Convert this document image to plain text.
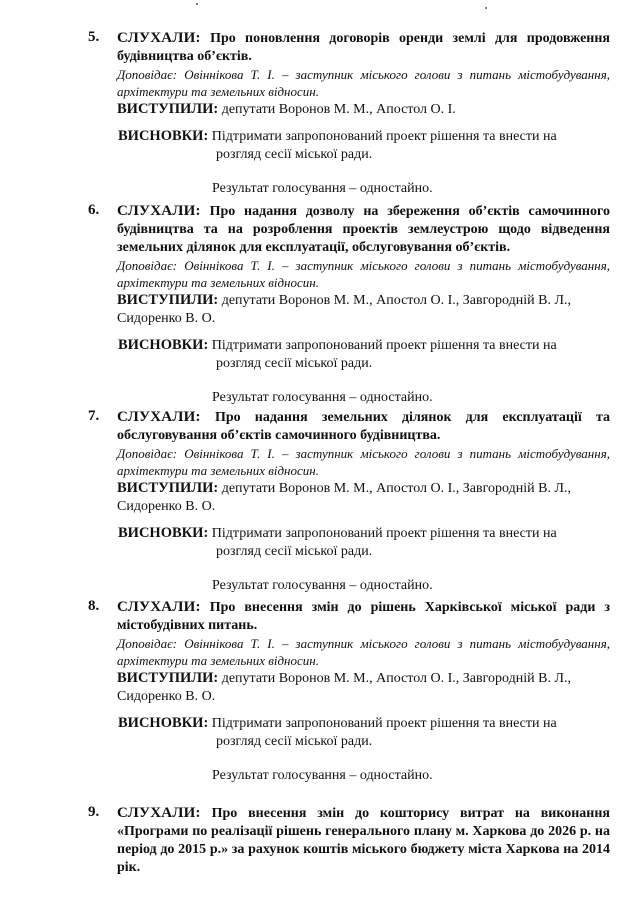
5. СЛУХАЛИ: Про поновлення договорів оренди землі для продовження будівництва об’єктів.
Доповідає: Овіннікова Т. І. – заступник міського голови з питань містобудування, архітектури та земельних відносин.
ВИСТУПИЛИ: депутати Воронов М. М., Апостол О. І.
ВИСНОВКИ: Підтримати запропонований проект рішення та внести на
розгляд сесії міської ради.
Результат голосування – одностайно.
6. СЛУХАЛИ: Про надання дозволу на збереження об’єктів самочинного будівництва та на розроблення проектів землеустрою щодо відведення земельних ділянок для експлуатації, обслуговування об’єктів.
Доповідає: Овіннікова Т. І. – заступник міського голови з питань містобудування, архітектури та земельних відносин.
ВИСТУПИЛИ: депутати Воронов М. М., Апостол О. І., Завгородній В. Л., Сидоренко В. О.
ВИСНОВКИ: Підтримати запропонований проект рішення та внести на
розгляд сесії міської ради.
Результат голосування – одностайно.
7. СЛУХАЛИ: Про надання земельних ділянок для експлуатації та обслуговування об’єктів самочинного будівництва.
Доповідає: Овіннікова Т. І. – заступник міського голови з питань містобудування, архітектури та земельних відносин.
ВИСТУПИЛИ: депутати Воронов М. М., Апостол О. І., Завгородній В. Л., Сидоренко В. О.
ВИСНОВКИ: Підтримати запропонований проект рішення та внести на
розгляд сесії міської ради.
Результат голосування – одностайно.
8. СЛУХАЛИ: Про внесення змін до рішень Харківської міської ради з містобудівних питань.
Доповідає: Овіннікова Т. І. – заступник міського голови з питань містобудування, архітектури та земельних відносин.
ВИСТУПИЛИ: депутати Воронов М. М., Апостол О. І., Завгородній В. Л., Сидоренко В. О.
ВИСНОВКИ: Підтримати запропонований проект рішення та внести на
розгляд сесії міської ради.
Результат голосування – одностайно.
9. СЛУХАЛИ: Про внесення змін до кошторису витрат на виконання «Програми по реалізації рішень генерального плану м. Харкова до 2026 р. на період до 2015 р.» за рахунок коштів міського бюджету міста Харкова на 2014 рік.
